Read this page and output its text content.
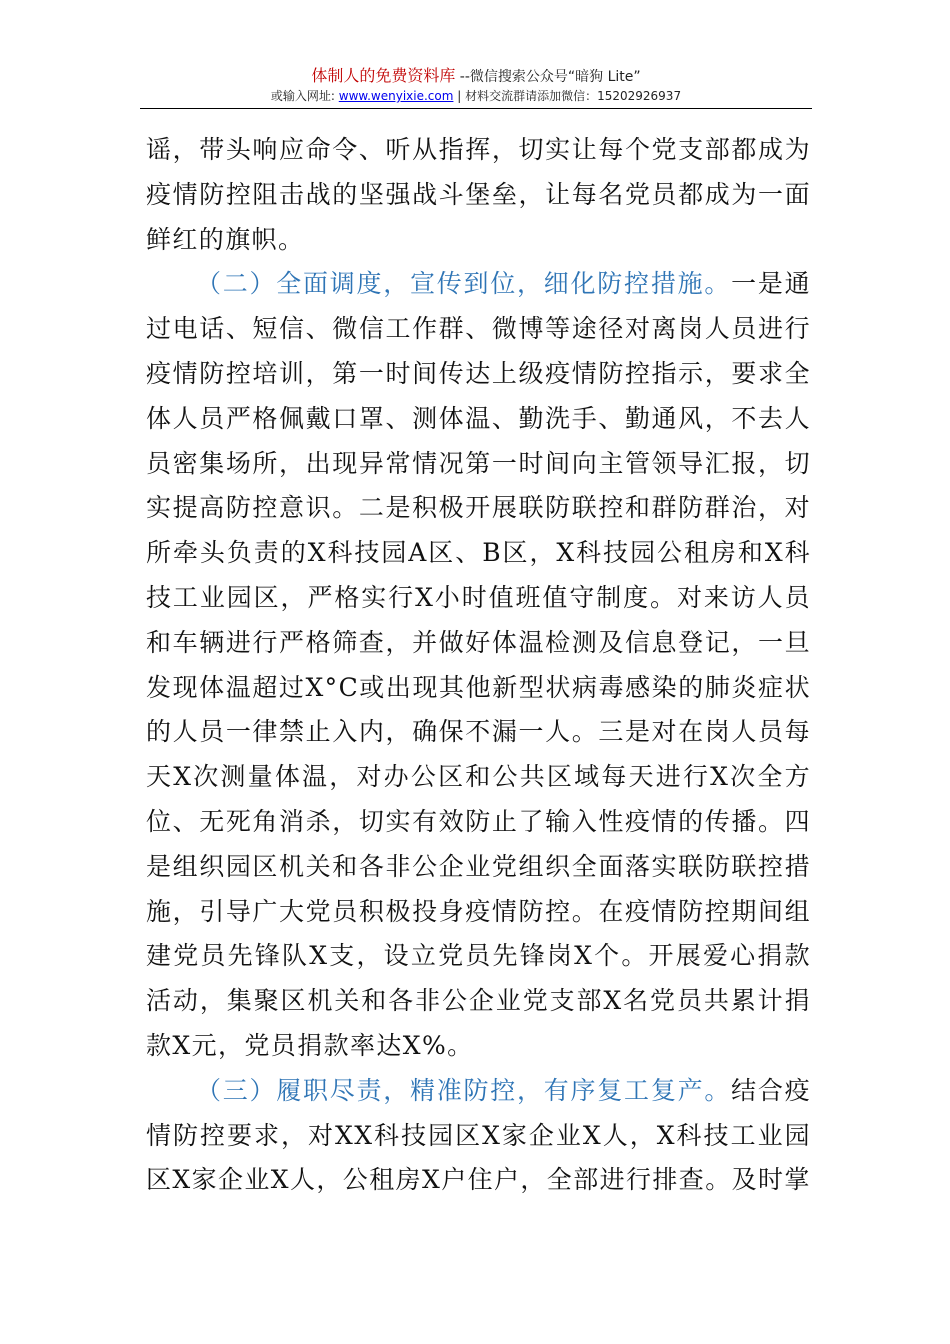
体制人的免费资料库 --微信搜索公众号“暗狗 Lite”
或输入网址: www.wenyixie.com | 材料交流群请添加微信：15202926937

谣，带头响应命令、听从指挥，切实让每个党支部都成为疫情防控阻击战的坚强战斗堡垒，让每名党员都成为一面鲜红的旗帜。

（二）全面调度，宣传到位，细化防控措施。一是通过电话、短信、微信工作群、微博等途径对离岗人员进行疫情防控培训，第一时间传达上级疫情防控指示，要求全体人员严格佩戴口罩、测体温、勤洗手、勤通风，不去人员密集场所，出现异常情况第一时间向主管领导汇报，切实提高防控意识。二是积极开展联防联控和群防群治，对所牵头负责的X科技园A区、B区，X科技园公租房和X科技工业园区，严格实行X小时值班值守制度。对来访人员和车辆进行严格筛查，并做好体温检测及信息登记，一旦发现体温超过X°C或出现其他新型状病毒感染的肺炎症状的人员一律禁止入内，确保不漏一人。三是对在岗人员每天X次测量体温，对办公区和公共区域每天进行X次全方位、无死角消杀，切实有效防止了输入性疫情的传播。四是组织园区机关和各非公企业党组织全面落实联防联控措施，引导广大党员积极投身疫情防控。在疫情防控期间组建党员先锋队X支，设立党员先锋岗X个。开展爱心捐款活动，集聚区机关和各非公企业党支部X名党员共累计捐款X元，党员捐款率达X%。

（三）履职尽责，精准防控，有序复工复产。结合疫情防控要求，对XX科技园区X家企业X人，X科技工业园区X家企业X人，公租房X户住户，全部进行排查。及时掌
